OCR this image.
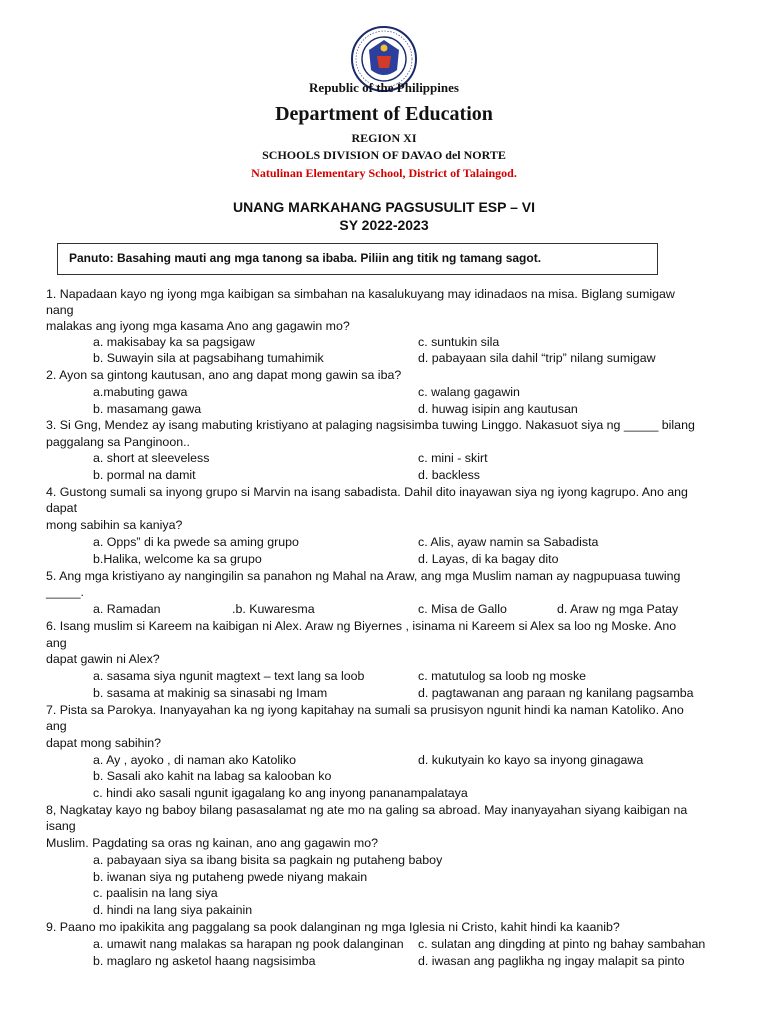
Republic of the Philippines
Department of Education
REGION XI
SCHOOLS DIVISION OF DAVAO del NORTE
Natulinan Elementary School, District of Talaingod.
UNANG MARKAHANG PAGSUSULIT ESP – VI
SY 2022-2023
Panuto: Basahing mauti ang mga tanong sa ibaba. Piliin ang titik ng tamang sagot.
1. Napadaan kayo ng iyong mga kaibigan sa simbahan na kasalukuyang may idinadaos na misa. Biglang sumigaw
nang
malakas ang iyong mga kasama Ano ang gagawin mo?
a. makisabay ka sa pagsigaw	c. suntukin sila
b. Suwayin sila at pagsabihang tumahimik	d. pabayaan sila dahil “trip” nilang sumigaw
2. Ayon sa gintong kautusan, ano ang dapat mong gawin sa iba?
a.mabuting gawa	c. walang gagawin
b. masamang gawa	d. huwag isipin ang kautusan
3. Si Gng, Mendez ay isang mabuting kristiyano at palaging nagsisimba tuwing Linggo. Nakasuot siya ng _____ bilang
paggalang sa Panginoon..
a. short at sleeveless	c. mini - skirt
b. pormal na damit	d. backless
4. Gustong sumali sa inyong grupo si Marvin na isang sabadista. Dahil dito inayawan siya ng iyong kagrupo. Ano ang
dapat
mong sabihin sa kaniya?
a. Opps” di ka pwede sa aming grupo	c. Alis, ayaw namin sa Sabadista
b.Halika, welcome ka sa grupo	d. Layas, di ka bagay dito
5. Ang mga kristiyano ay nangingilin sa panahon ng Mahal na Araw, ang mga Muslim naman ay nagpupuasa tuwing
_____.
a. Ramadan	.b. Kuwaresma	c. Misa de Gallo	d. Araw ng mga Patay
6. Isang muslim si Kareem na kaibigan ni Alex. Araw ng Biyernes , isinama ni Kareem si Alex sa loo ng Moske. Ano
ang
dapat gawin ni Alex?
a. sasama siya ngunit magtext – text lang sa loob	c. matutulog sa loob ng moske
b. sasama at makinig sa sinasabi ng Imam	d. pagtawanan ang paraan ng kanilang pagsamba
7. Pista sa Parokya. Inanyayahan ka ng iyong kapitahay na sumali sa prusisyon ngunit hindi ka naman Katoliko. Ano
ang
dapat mong sabihin?
a. Ay , ayoko , di naman ako Katoliko	d. kukutyain ko kayo sa inyong ginagawa
b. Sasali ako kahit na labag sa kalooban ko
c. hindi ako sasali ngunit igagalang ko ang inyong pananampalataya
8, Nagkatay kayo ng baboy bilang pasasalamat ng ate mo na galing sa abroad. May inanyayahan siyang kaibigan na
isang
Muslim. Pagdating sa oras ng kainan, ano ang gagawin mo?
a. pabayaan siya sa ibang bisita sa pagkain ng putaheng baboy
b. iwanan siya ng putaheng pwede niyang makain
c. paalisin na lang siya
d. hindi na lang siya pakainin
9. Paano mo ipakikita ang paggalang sa pook dalanginan ng mga Iglesia ni Cristo, kahit hindi ka kaanib?
a. umawit nang malakas sa harapan ng pook dalanginan c. sulatan ang dingding at pinto ng bahay sambahan
b. maglaro ng asketol haang nagsisimba	d. iwasan ang paglikha ng ingay malapit sa pinto
